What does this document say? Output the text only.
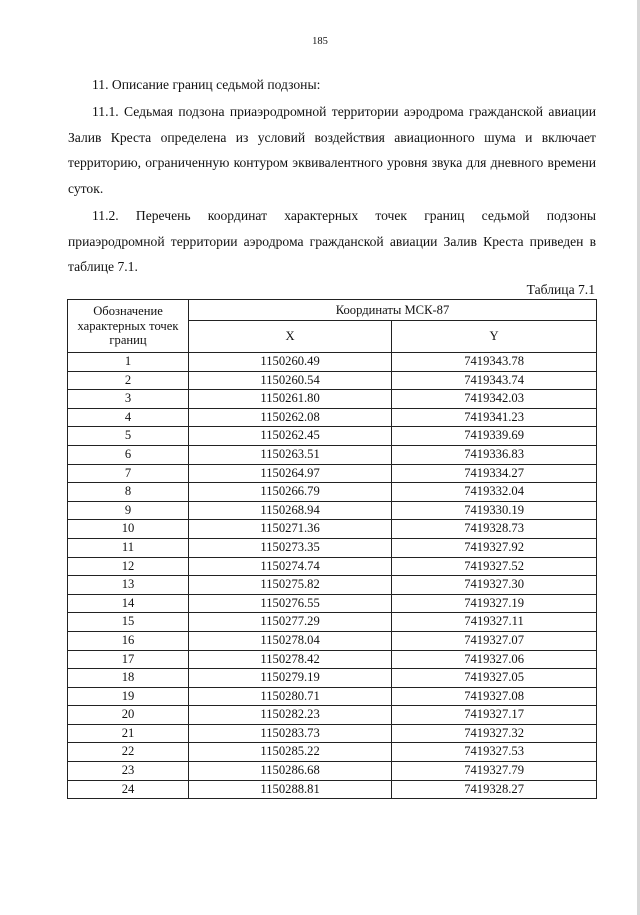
185
11. Описание границ седьмой подзоны:
11.1. Седьмая подзона приаэродромной территории аэродрома гражданской авиации Залив Креста определена из условий воздействия авиационного шума и включает территорию, ограниченную контуром эквивалентного уровня звука для дневного времени суток.
11.2. Перечень координат характерных точек границ седьмой подзоны приаэродромной территории аэродрома гражданской авиации Залив Креста приведен в таблице 7.1.
Таблица 7.1
Обозначение характерных точек границ	Координаты МСК-87	
	X	Y
1	1150260.49	7419343.78
2	1150260.54	7419343.74
3	1150261.80	7419342.03
4	1150262.08	7419341.23
5	1150262.45	7419339.69
6	1150263.51	7419336.83
7	1150264.97	7419334.27
8	1150266.79	7419332.04
9	1150268.94	7419330.19
10	1150271.36	7419328.73
11	1150273.35	7419327.92
12	1150274.74	7419327.52
13	1150275.82	7419327.30
14	1150276.55	7419327.19
15	1150277.29	7419327.11
16	1150278.04	7419327.07
17	1150278.42	7419327.06
18	1150279.19	7419327.05
19	1150280.71	7419327.08
20	1150282.23	7419327.17
21	1150283.73	7419327.32
22	1150285.22	7419327.53
23	1150286.68	7419327.79
24	1150288.81	7419328.27
